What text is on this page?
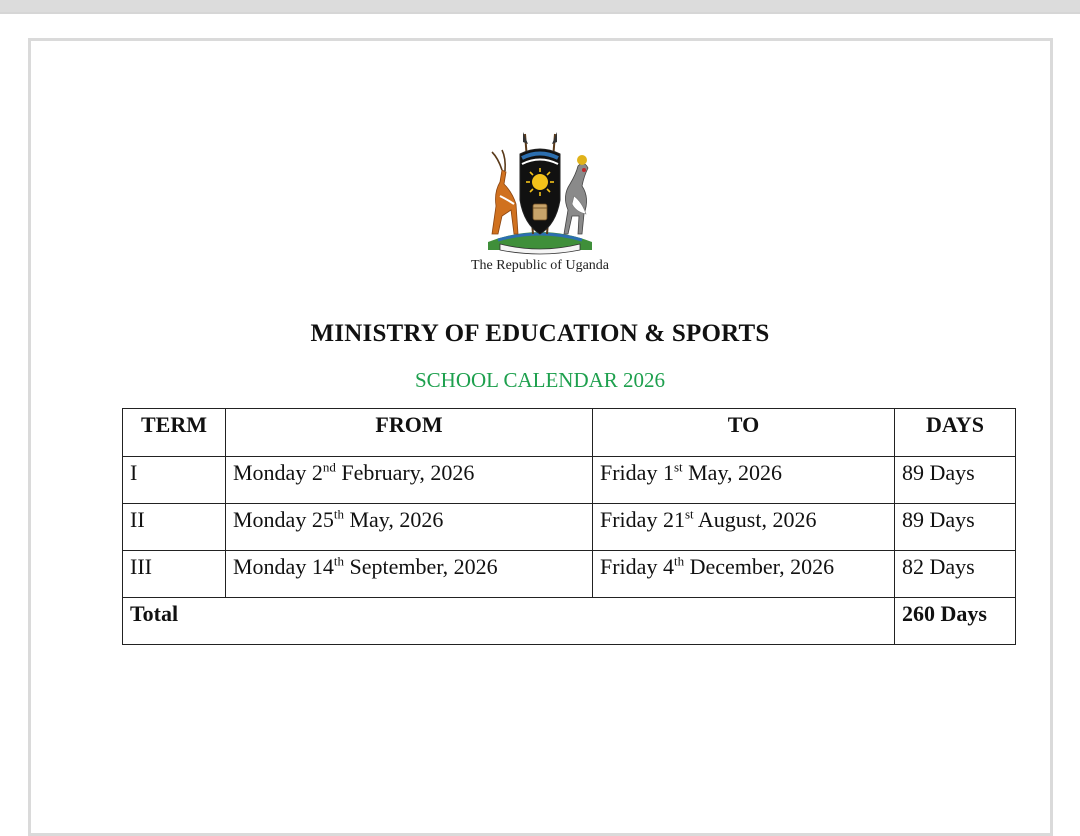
The Republic of Uganda
MINISTRY OF EDUCATION & SPORTS
SCHOOL CALENDAR 2026
TERM	FROM	TO	DAYS
I	Monday 2nd February, 2026	Friday 1st May, 2026	89 Days
II	Monday 25th May, 2026	Friday 21st August, 2026	89 Days
III	Monday 14th September, 2026	Friday 4th December, 2026	82 Days
Total			260 Days
